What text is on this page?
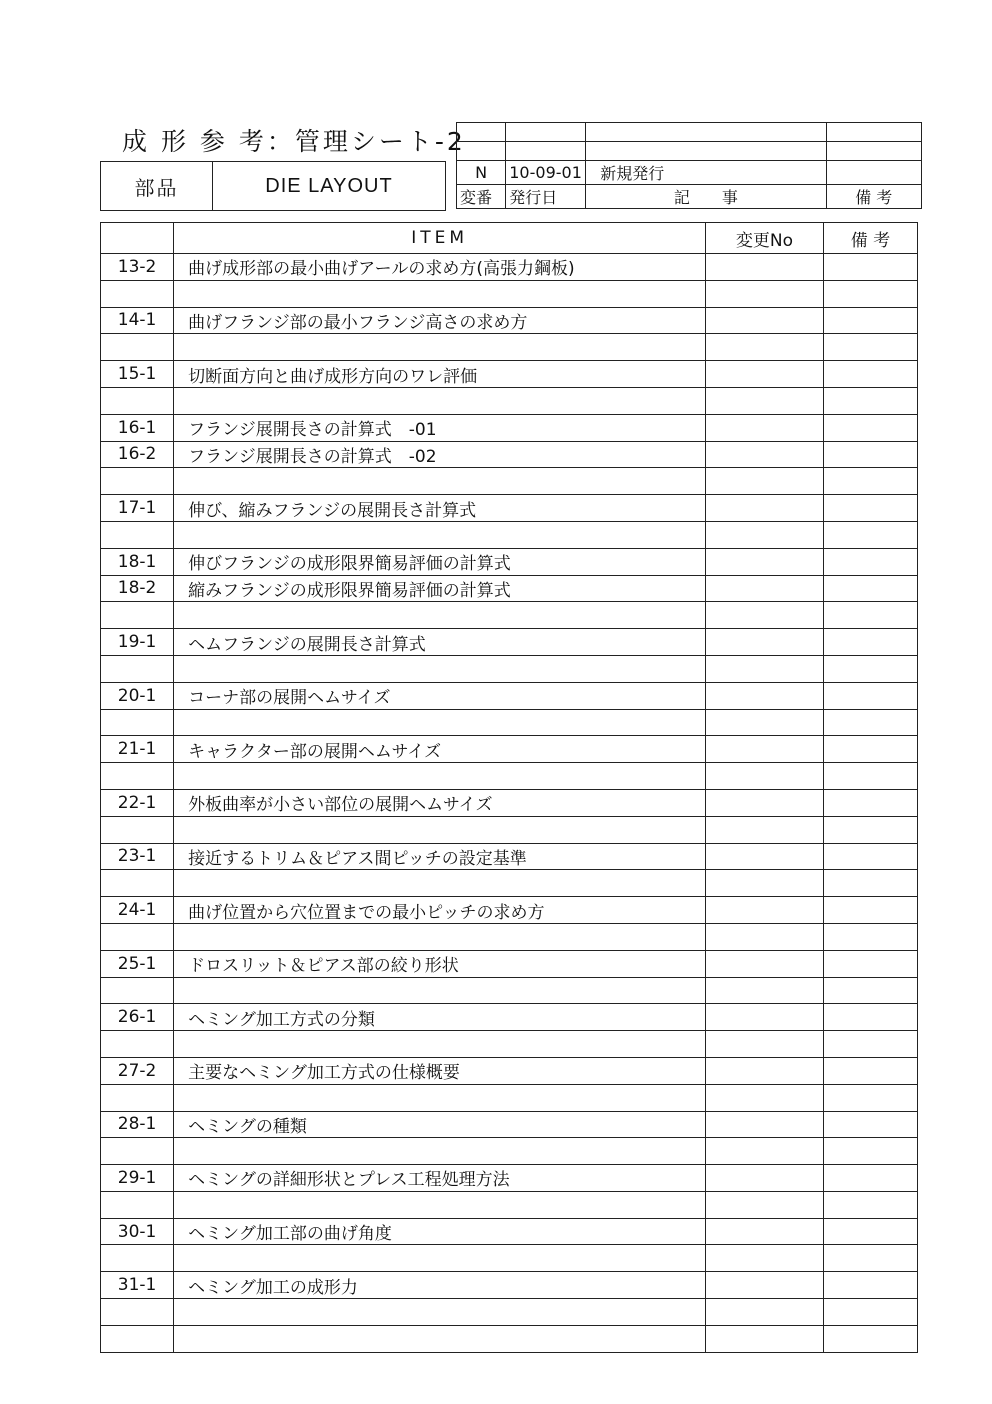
成 形 参 考：管理シート-2
部品	DIE LAYOUT

N	10-09-01	新規発行	
変番	発行日	記　　事	備 考
	ITEM	変更No	備 考
13-2	曲げ成形部の最小曲げアールの求め方(高張力鋼板)		

14-1	曲げフランジ部の最小フランジ高さの求め方		

15-1	切断面方向と曲げ成形方向のワレ評価		

16-1	フランジ展開長さの計算式　-01		
16-2	フランジ展開長さの計算式　-02		

17-1	伸び、縮みフランジの展開長さ計算式		

18-1	伸びフランジの成形限界簡易評価の計算式		
18-2	縮みフランジの成形限界簡易評価の計算式		

19-1	ヘムフランジの展開長さ計算式		

20-1	コーナ部の展開ヘムサイズ		

21-1	キャラクター部の展開ヘムサイズ		

22-1	外板曲率が小さい部位の展開ヘムサイズ		

23-1	接近するトリム＆ピアス間ピッチの設定基準		

24-1	曲げ位置から穴位置までの最小ピッチの求め方		

25-1	ドロスリット＆ピアス部の絞り形状		

26-1	ヘミング加工方式の分類		

27-2	主要なヘミング加工方式の仕様概要		

28-1	ヘミングの種類		

29-1	ヘミングの詳細形状とプレス工程処理方法		

30-1	ヘミング加工部の曲げ角度		

31-1	ヘミング加工の成形力		
